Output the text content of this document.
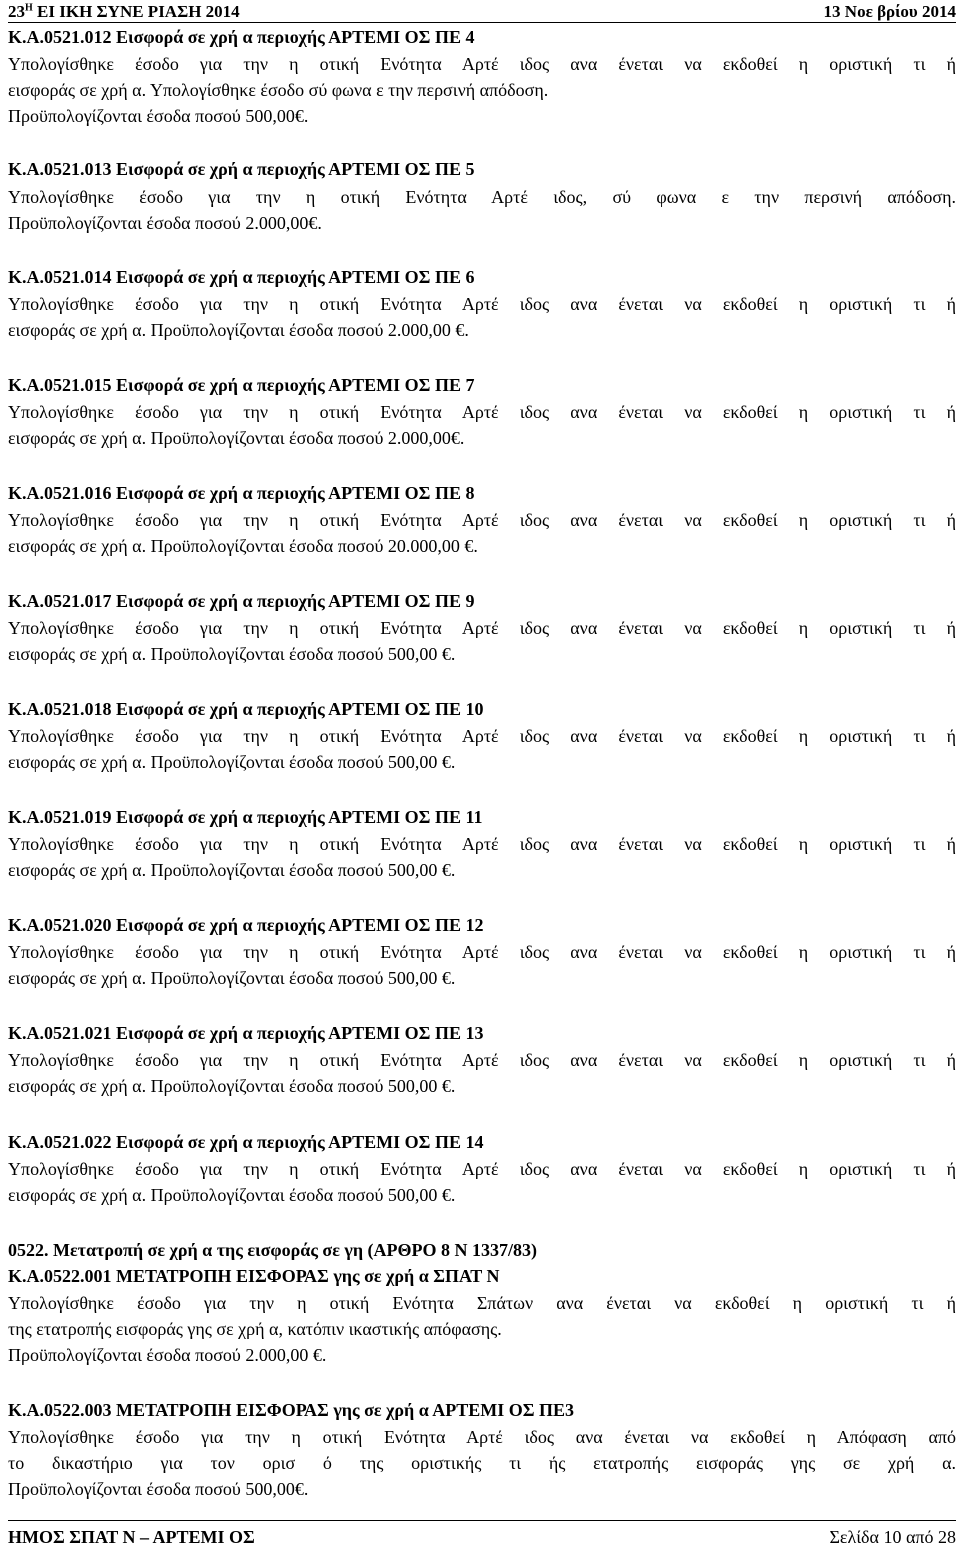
$23^H$ ΕΙ ΙΚΗ ΣΥΝΕ ΡΙΑΣΗ 2014	13 Νοε βρίου 2014
Κ.Α.0521.012 Εισφορά σε χρή α περιοχής ΑΡΤΕΜΙ ΟΣ ΠΕ 4
Υπολογίσθηκε έσοδο για την η οτική Ενότητα Αρτέ ιδος ανα ένεται να εκδοθεί η οριστική τι ή
εισφοράς σε χρή α. Υπολογίσθηκε έσοδο σύ φωνα ε την περσινή απόδοση.
Προϋπολογίζονται έσοδα ποσού 500,00€.
Κ.Α.0521.013 Εισφορά σε χρή α περιοχής ΑΡΤΕΜΙ ΟΣ ΠΕ 5
Υπολογίσθηκε έσοδο για την η οτική Ενότητα Αρτέ ιδος, σύ φωνα ε την περσινή απόδοση.
Προϋπολογίζονται έσοδα ποσού 2.000,00€.
Κ.Α.0521.014 Εισφορά σε χρή α περιοχής ΑΡΤΕΜΙ ΟΣ ΠΕ 6
Υπολογίσθηκε έσοδο για την η οτική Ενότητα Αρτέ ιδος ανα ένεται να εκδοθεί η οριστική τι ή
εισφοράς σε χρή α. Προϋπολογίζονται έσοδα ποσού 2.000,00 €.
Κ.Α.0521.015 Εισφορά σε χρή α περιοχής ΑΡΤΕΜΙ ΟΣ ΠΕ 7
Υπολογίσθηκε έσοδο για την η οτική Ενότητα Αρτέ ιδος ανα ένεται να εκδοθεί η οριστική τι ή
εισφοράς σε χρή α. Προϋπολογίζονται έσοδα ποσού 2.000,00€.
Κ.Α.0521.016 Εισφορά σε χρή α περιοχής ΑΡΤΕΜΙ ΟΣ ΠΕ 8
Υπολογίσθηκε έσοδο για την η οτική Ενότητα Αρτέ ιδος ανα ένεται να εκδοθεί η οριστική τι ή
εισφοράς σε χρή α. Προϋπολογίζονται έσοδα ποσού 20.000,00 €.
Κ.Α.0521.017 Εισφορά σε χρή α περιοχής ΑΡΤΕΜΙ ΟΣ ΠΕ 9
Υπολογίσθηκε έσοδο για την η οτική Ενότητα Αρτέ ιδος ανα ένεται να εκδοθεί η οριστική τι ή
εισφοράς σε χρή α. Προϋπολογίζονται έσοδα ποσού 500,00 €.
Κ.Α.0521.018 Εισφορά σε χρή α περιοχής ΑΡΤΕΜΙ ΟΣ ΠΕ 10
Υπολογίσθηκε έσοδο για την η οτική Ενότητα Αρτέ ιδος ανα ένεται να εκδοθεί η οριστική τι ή
εισφοράς σε χρή α. Προϋπολογίζονται έσοδα ποσού 500,00 €.
Κ.Α.0521.019 Εισφορά σε χρή α περιοχής ΑΡΤΕΜΙ ΟΣ ΠΕ 11
Υπολογίσθηκε έσοδο για την η οτική Ενότητα Αρτέ ιδος ανα ένεται να εκδοθεί η οριστική τι ή
εισφοράς σε χρή α. Προϋπολογίζονται έσοδα ποσού 500,00 €.
Κ.Α.0521.020 Εισφορά σε χρή α περιοχής ΑΡΤΕΜΙ ΟΣ ΠΕ 12
Υπολογίσθηκε έσοδο για την η οτική Ενότητα Αρτέ ιδος ανα ένεται να εκδοθεί η οριστική τι ή
εισφοράς σε χρή α. Προϋπολογίζονται έσοδα ποσού 500,00 €.
Κ.Α.0521.021 Εισφορά σε χρή α περιοχής ΑΡΤΕΜΙ ΟΣ ΠΕ 13
Υπολογίσθηκε έσοδο για την η οτική Ενότητα Αρτέ ιδος ανα ένεται να εκδοθεί η οριστική τι ή
εισφοράς σε χρή α. Προϋπολογίζονται έσοδα ποσού 500,00 €.
Κ.Α.0521.022 Εισφορά σε χρή α περιοχής ΑΡΤΕΜΙ ΟΣ ΠΕ 14
Υπολογίσθηκε έσοδο για την η οτική Ενότητα Αρτέ ιδος ανα ένεται να εκδοθεί η οριστική τι ή
εισφοράς σε χρή α. Προϋπολογίζονται έσοδα ποσού 500,00 €.
0522. Μετατροπή σε χρή α της εισφοράς σε γη (ΑΡΘΡΟ 8 Ν 1337/83)
Κ.Α.0522.001 ΜΕΤΑΤΡΟΠΗ ΕΙΣΦΟΡΑΣ γης σε χρή α ΣΠΑΤ Ν
Υπολογίσθηκε έσοδο για την η οτική Ενότητα Σπάτων ανα ένεται να εκδοθεί η οριστική τι ή
της ετατροπής εισφοράς γης σε χρή α, κατόπιν ικαστικής απόφασης.
Προϋπολογίζονται έσοδα ποσού 2.000,00 €.
Κ.Α.0522.003 ΜΕΤΑΤΡΟΠΗ ΕΙΣΦΟΡΑΣ γης σε χρή α ΑΡΤΕΜΙ ΟΣ ΠΕ3
Υπολογίσθηκε έσοδο για την η οτική Ενότητα Αρτέ ιδος ανα ένεται να εκδοθεί η Απόφαση από
το δικαστήριο για τον ορισ ό της οριστικής τι ής ετατροπής εισφοράς γης σε χρή α.
Προϋπολογίζονται έσοδα ποσού 500,00€.
ΗΜΟΣ ΣΠΑΤ Ν – ΑΡΤΕΜΙ ΟΣ	Σελίδα 10 από 28
